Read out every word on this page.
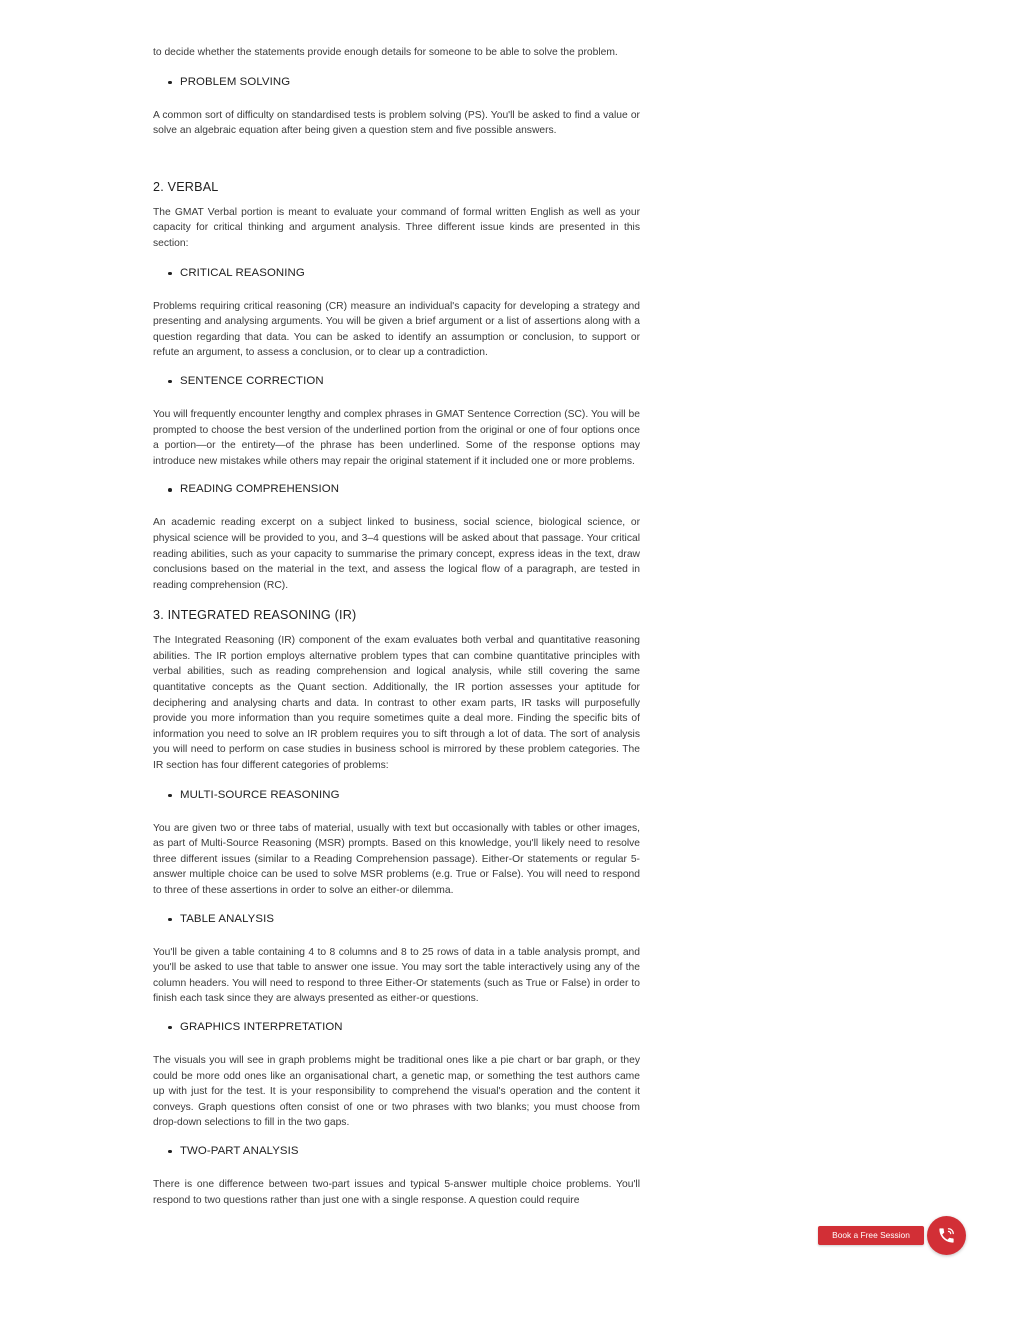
to decide whether the statements provide enough details for someone to be able to solve the problem.

PROBLEM SOLVING

A common sort of difficulty on standardised tests is problem solving (PS). You'll be asked to find a value or solve an algebraic equation after being given a question stem and five possible answers.

2. VERBAL

The GMAT Verbal portion is meant to evaluate your command of formal written English as well as your capacity for critical thinking and argument analysis. Three different issue kinds are presented in this section:

CRITICAL REASONING

Problems requiring critical reasoning (CR) measure an individual's capacity for developing a strategy and presenting and analysing arguments. You will be given a brief argument or a list of assertions along with a question regarding that data. You can be asked to identify an assumption or conclusion, to support or refute an argument, to assess a conclusion, or to clear up a contradiction.

SENTENCE CORRECTION

You will frequently encounter lengthy and complex phrases in GMAT Sentence Correction (SC). You will be prompted to choose the best version of the underlined portion from the original or one of four options once a portion—or the entirety—of the phrase has been underlined. Some of the response options may introduce new mistakes while others may repair the original statement if it included one or more problems.

READING COMPREHENSION

An academic reading excerpt on a subject linked to business, social science, biological science, or physical science will be provided to you, and 3–4 questions will be asked about that passage. Your critical reading abilities, such as your capacity to summarise the primary concept, express ideas in the text, draw conclusions based on the material in the text, and assess the logical flow of a paragraph, are tested in reading comprehension (RC).

3. INTEGRATED REASONING (IR)

The Integrated Reasoning (IR) component of the exam evaluates both verbal and quantitative reasoning abilities. The IR portion employs alternative problem types that can combine quantitative principles with verbal abilities, such as reading comprehension and logical analysis, while still covering the same quantitative concepts as the Quant section. Additionally, the IR portion assesses your aptitude for deciphering and analysing charts and data. In contrast to other exam parts, IR tasks will purposefully provide you more information than you require sometimes quite a deal more. Finding the specific bits of information you need to solve an IR problem requires you to sift through a lot of data. The sort of analysis you will need to perform on case studies in business school is mirrored by these problem categories. The IR section has four different categories of problems:

MULTI-SOURCE REASONING

You are given two or three tabs of material, usually with text but occasionally with tables or other images, as part of Multi-Source Reasoning (MSR) prompts. Based on this knowledge, you'll likely need to resolve three different issues (similar to a Reading Comprehension passage). Either-Or statements or regular 5-answer multiple choice can be used to solve MSR problems (e.g. True or False). You will need to respond to three of these assertions in order to solve an either-or dilemma.

TABLE ANALYSIS

You'll be given a table containing 4 to 8 columns and 8 to 25 rows of data in a table analysis prompt, and you'll be asked to use that table to answer one issue. You may sort the table interactively using any of the column headers. You will need to respond to three Either-Or statements (such as True or False) in order to finish each task since they are always presented as either-or questions.

GRAPHICS INTERPRETATION

The visuals you will see in graph problems might be traditional ones like a pie chart or bar graph, or they could be more odd ones like an organisational chart, a genetic map, or something the test authors came up with just for the test. It is your responsibility to comprehend the visual's operation and the content it conveys. Graph questions often consist of one or two phrases with two blanks; you must choose from drop-down selections to fill in the two gaps.

TWO-PART ANALYSIS

There is one difference between two-part issues and typical 5-answer multiple choice problems. You'll respond to two questions rather than just one with a single response. A question could require

Book a Free Session
